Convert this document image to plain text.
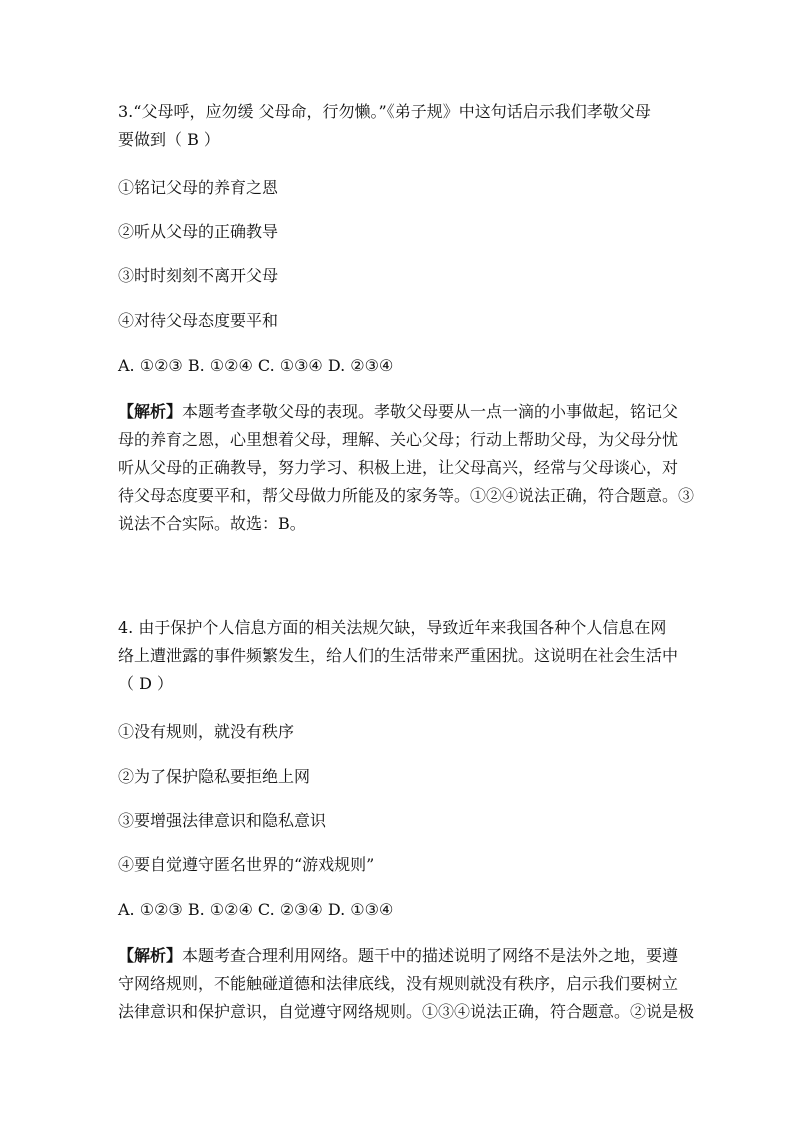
3.“父母呼，应勿缓 父母命，行勿懒。”《弟子规》中这句话启示我们孝敬父母
要做到（ B ）
①铭记父母的养育之恩
②听从父母的正确教导
③时时刻刻不离开父母
④对待父母态度要平和
A. ①②③ B. ①②④ C. ①③④ D. ②③④
【解析】本题考查孝敬父母的表现。孝敬父母要从一点一滴的小事做起，铭记父
母的养育之恩，心里想着父母，理解、关心父母；行动上帮助父母，为父母分忧
听从父母的正确教导，努力学习、积极上进，让父母高兴，经常与父母谈心，对
待父母态度要平和，帮父母做力所能及的家务等。①②④说法正确，符合题意。③
说法不合实际。故选：B。
4. 由于保护个人信息方面的相关法规欠缺，导致近年来我国各种个人信息在网
络上遭泄露的事件频繁发生，给人们的生活带来严重困扰。这说明在社会生活中
（ D ）
①没有规则，就没有秩序
②为了保护隐私要拒绝上网
③要增强法律意识和隐私意识
④要自觉遵守匿名世界的“游戏规则”
A. ①②③ B. ①②④ C. ②③④ D. ①③④
【解析】本题考查合理利用网络。题干中的描述说明了网络不是法外之地，要遵
守网络规则，不能触碰道德和法律底线，没有规则就没有秩序，启示我们要树立
法律意识和保护意识，自觉遵守网络规则。①③④说法正确，符合题意。②说是极
